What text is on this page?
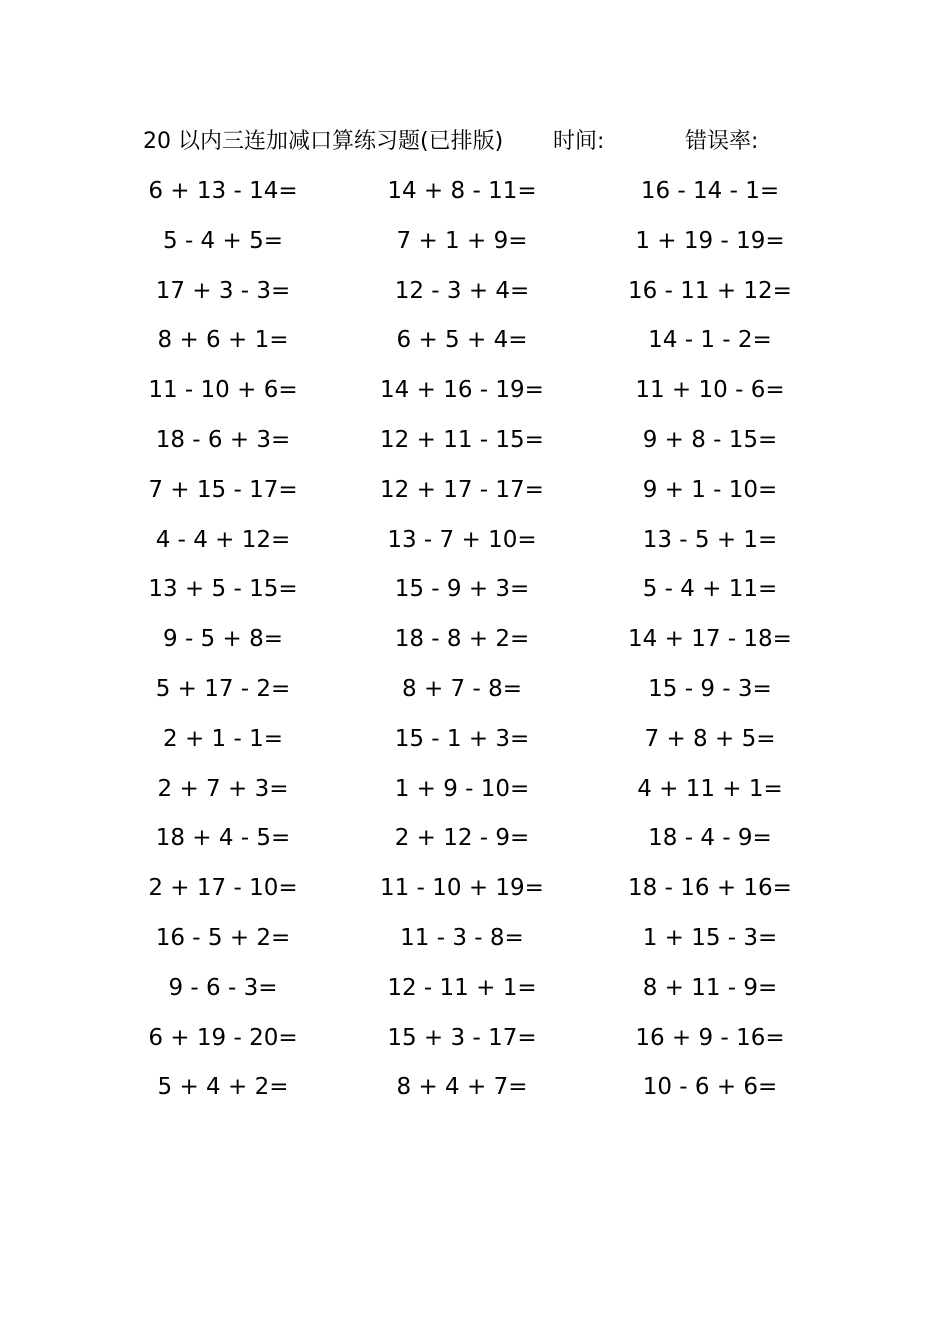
20 以内三连加减口算练习题(已排版) 时间:	错误率:
6 + 13 - 14=	14 + 8 - 11=	16 - 14 - 1=
5 - 4 + 5=	7 + 1 + 9=	1 + 19 - 19=
17 + 3 - 3=	12 - 3 + 4=	16 - 11 + 12=
8 + 6 + 1=	6 + 5 + 4=	14 - 1 - 2=
11 - 10 + 6=	14 + 16 - 19=	11 + 10 - 6=
18 - 6 + 3=	12 + 11 - 15=	9 + 8 - 15=
7 + 15 - 17=	12 + 17 - 17=	9 + 1 - 10=
4 - 4 + 12=	13 - 7 + 10=	13 - 5 + 1=
13 + 5 - 15=	15 - 9 + 3=	5 - 4 + 11=
9 - 5 + 8=	18 - 8 + 2=	14 + 17 - 18=
5 + 17 - 2=	8 + 7 - 8=	15 - 9 - 3=
2 + 1 - 1=	15 - 1 + 3=	7 + 8 + 5=
2 + 7 + 3=	1 + 9 - 10=	4 + 11 + 1=
18 + 4 - 5=	2 + 12 - 9=	18 - 4 - 9=
2 + 17 - 10=	11 - 10 + 19=	18 - 16 + 16=
16 - 5 + 2=	11 - 3 - 8=	1 + 15 - 3=
9 - 6 - 3=	12 - 11 + 1=	8 + 11 - 9=
6 + 19 - 20=	15 + 3 - 17=	16 + 9 - 16=
5 + 4 + 2=	8 + 4 + 7=	10 - 6 + 6=
